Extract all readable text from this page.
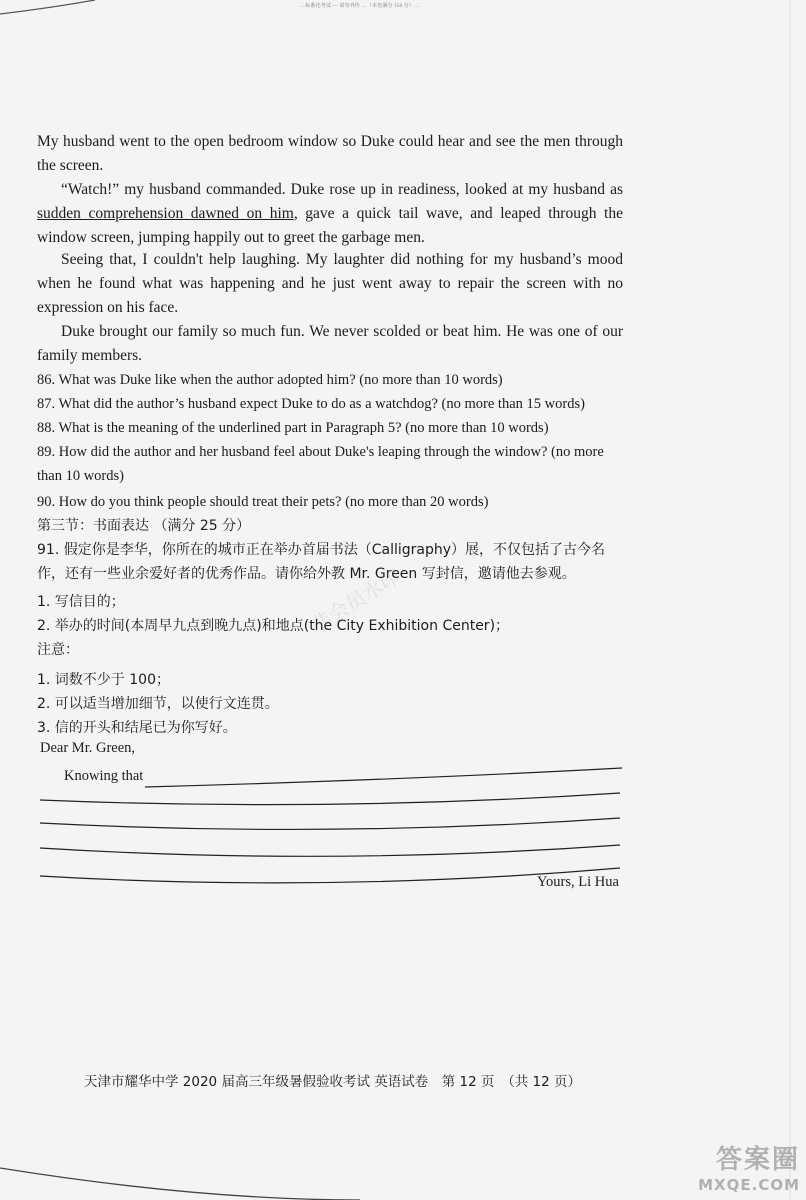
…标准化考试 — 请勿外传 …（本卷满分 150 分）…
My husband went to the open bedroom window so Duke could hear and see the men through the screen.
“Watch!” my husband commanded. Duke rose up in readiness, looked at my husband as sudden comprehension dawned on him, gave a quick tail wave, and leaped through the window screen, jumping happily out to greet the garbage men.
Seeing that, I couldn't help laughing. My laughter did nothing for my husband’s mood when he found what was happening and he just went away to repair the screen with no expression on his face.
Duke brought our family so much fun. We never scolded or beat him. He was one of our family members.
86. What was Duke like when the author adopted him? (no more than 10 words)
87. What did the author’s husband expect Duke to do as a watchdog? (no more than 15 words)
88. What is the meaning of the underlined part in Paragraph 5? (no more than 10 words)
89. How did the author and her husband feel about Duke's leaping through the window? (no more than 10 words)
90. How do you think people should treat their pets? (no more than 20 words)
第三节：书面表达 （满分 25 分）
91. 假定你是李华，你所在的城市正在举办首届书法（Calligraphy）展，不仅包括了古今名作，还有一些业余爱好者的优秀作品。请你给外教 Mr. Green 写封信，邀请他去参观。
1. 写信目的；
2. 举办的时间(本周早九点到晚九点)和地点(the City Exhibition Center)；
注意：
1. 词数不少于 100；
2. 可以适当增加细节，以使行文连贯。
3. 信的开头和结尾已为你写好。
Dear Mr. Green,
Knowing that
Yours, Li Hua
非会员水印
天津市耀华中学 2020 届高三年级暑假验收考试 英语试卷　第 12 页　（共 12 页）
答案圈
MXQE.COM
